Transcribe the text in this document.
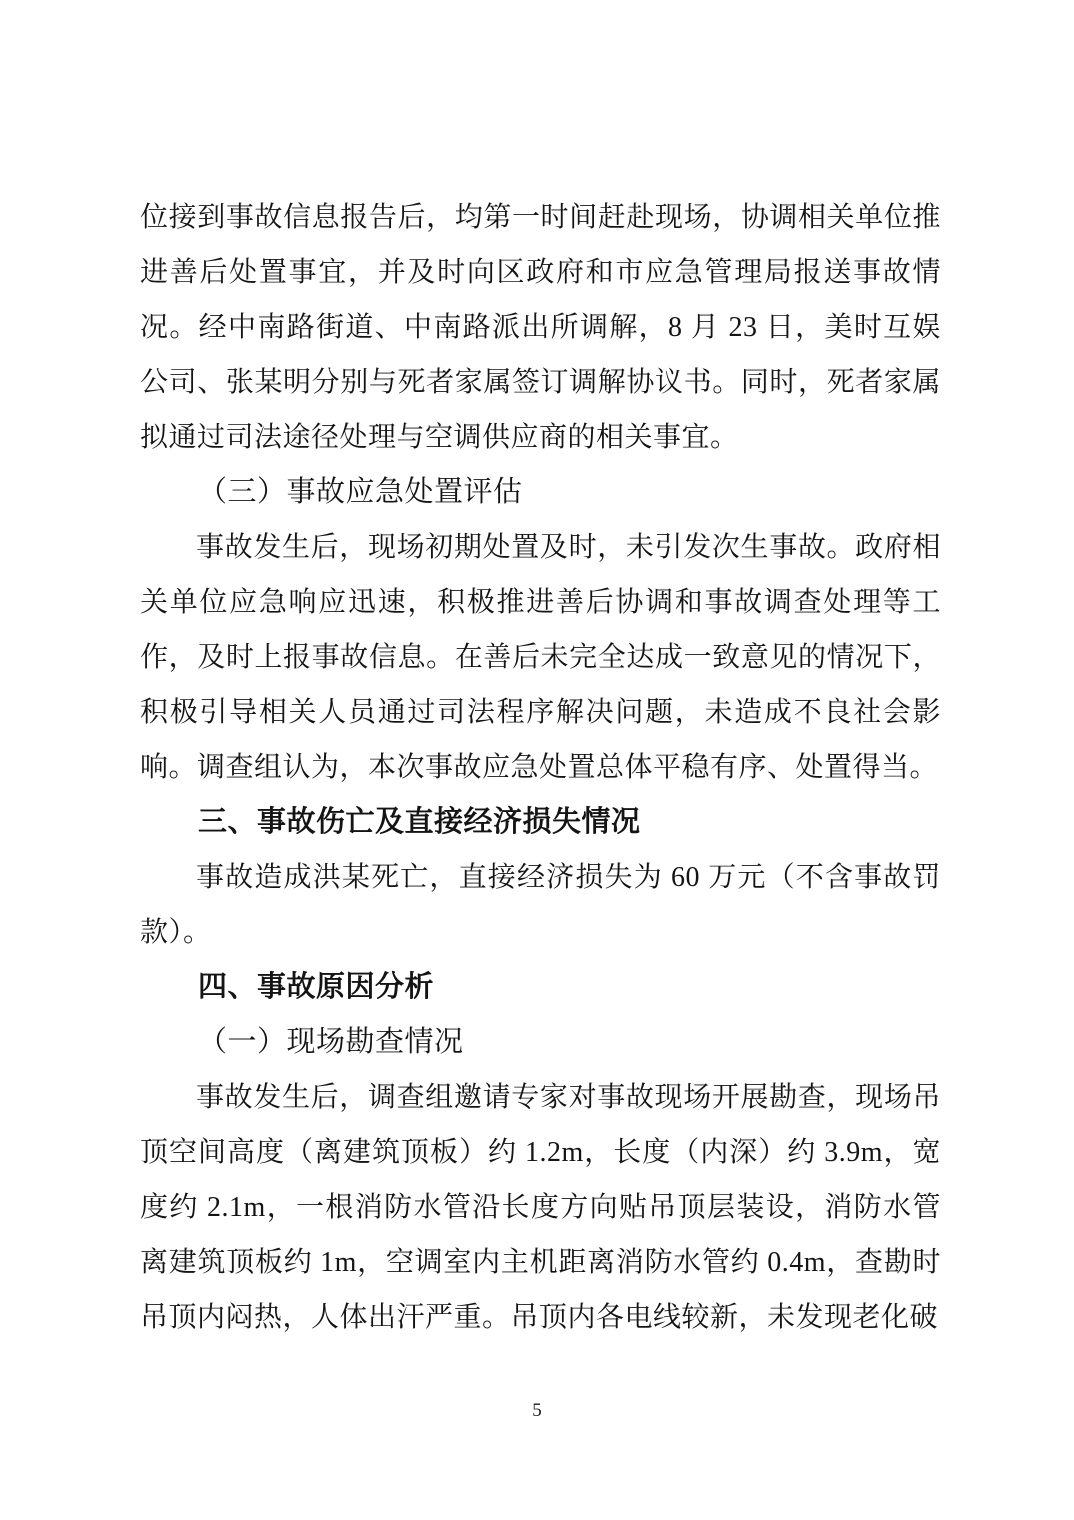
位接到事故信息报告后，均第一时间赶赴现场，协调相关单位推进善后处置事宜，并及时向区政府和市应急管理局报送事故情况。经中南路街道、中南路派出所调解，8 月 23 日，美时互娱公司、张某明分别与死者家属签订调解协议书。同时，死者家属拟通过司法途径处理与空调供应商的相关事宜。

（三）事故应急处置评估

事故发生后，现场初期处置及时，未引发次生事故。政府相关单位应急响应迅速，积极推进善后协调和事故调查处理等工作，及时上报事故信息。在善后未完全达成一致意见的情况下，积极引导相关人员通过司法程序解决问题，未造成不良社会影响。调查组认为，本次事故应急处置总体平稳有序、处置得当。

三、事故伤亡及直接经济损失情况

事故造成洪某死亡，直接经济损失为 60 万元（不含事故罚款）。

四、事故原因分析

（一）现场勘查情况

事故发生后，调查组邀请专家对事故现场开展勘查，现场吊顶空间高度（离建筑顶板）约 1.2m，长度（内深）约 3.9m，宽度约 2.1m，一根消防水管沿长度方向贴吊顶层装设，消防水管离建筑顶板约 1m，空调室内主机距离消防水管约 0.4m，查勘时吊顶内闷热，人体出汗严重。吊顶内各电线较新，未发现老化破

5
